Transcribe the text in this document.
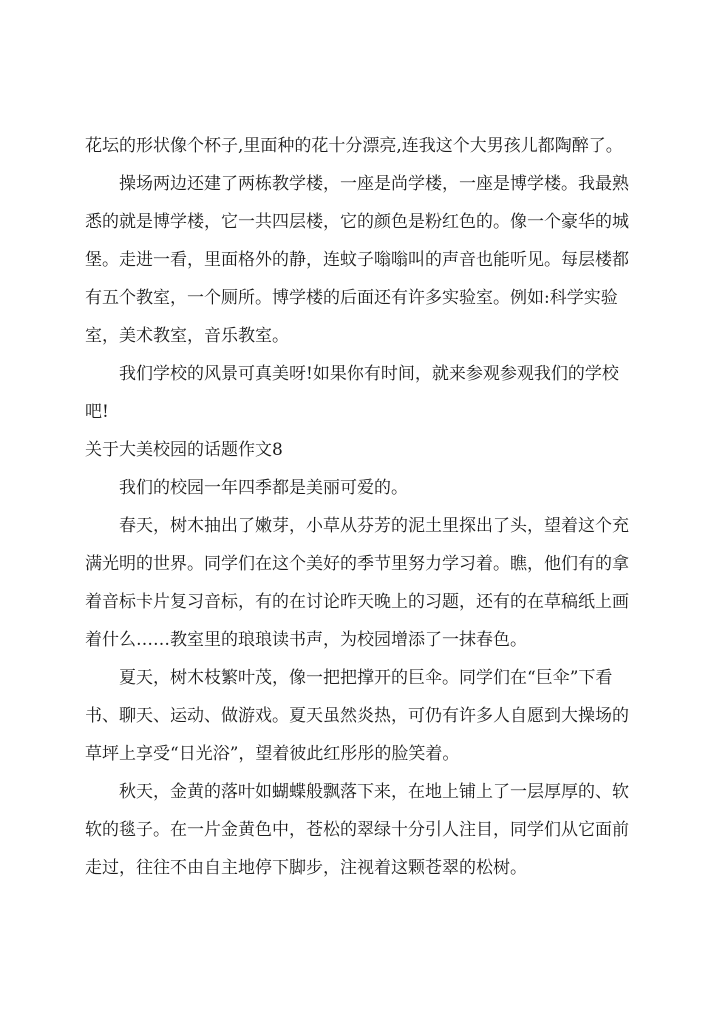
花坛的形状像个杯子,里面种的花十分漂亮,连我这个大男孩儿都陶醉了。
　　操场两边还建了两栋教学楼，一座是尚学楼，一座是博学楼。我最熟
悉的就是博学楼，它一共四层楼，它的颜色是粉红色的。像一个豪华的城
堡。走进一看，里面格外的静，连蚊子嗡嗡叫的声音也能听见。每层楼都
有五个教室，一个厕所。博学楼的后面还有许多实验室。例如:科学实验
室，美术教室，音乐教室。
　　我们学校的风景可真美呀!如果你有时间，就来参观参观我们的学校
吧!
关于大美校园的话题作文8
　　我们的校园一年四季都是美丽可爱的。
　　春天，树木抽出了嫩芽，小草从芬芳的泥土里探出了头，望着这个充
满光明的世界。同学们在这个美好的季节里努力学习着。瞧，他们有的拿
着音标卡片复习音标，有的在讨论昨天晚上的习题，还有的在草稿纸上画
着什么……教室里的琅琅读书声，为校园增添了一抹春色。
　　夏天，树木枝繁叶茂，像一把把撑开的巨伞。同学们在“巨伞”下看
书、聊天、运动、做游戏。夏天虽然炎热，可仍有许多人自愿到大操场的
草坪上享受“日光浴”，望着彼此红彤彤的脸笑着。
　　秋天，金黄的落叶如蝴蝶般飘落下来，在地上铺上了一层厚厚的、软
软的毯子。在一片金黄色中，苍松的翠绿十分引人注目，同学们从它面前
走过，往往不由自主地停下脚步，注视着这颗苍翠的松树。
